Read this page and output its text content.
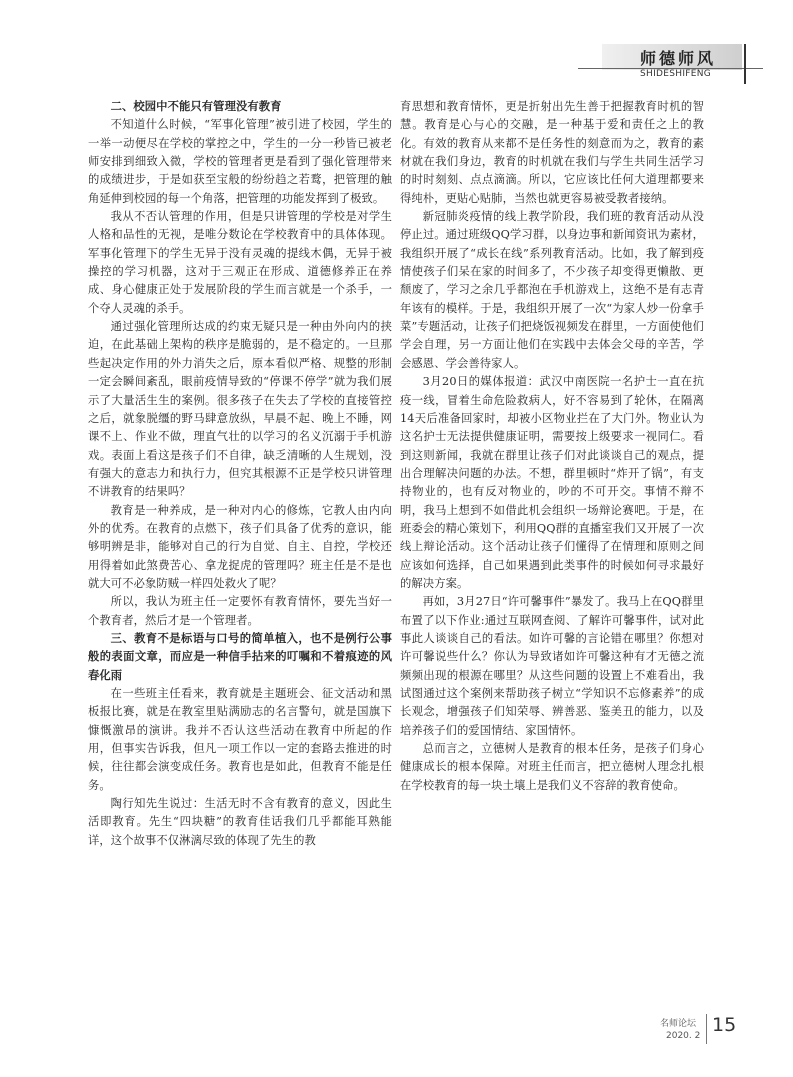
师德师风
SHIDESHIFENG
二、校园中不能只有管理没有教育

不知道什么时候，“军事化管理”被引进了校园，学生的一举一动便尽在学校的掌控之中，学生的一分一秒皆已被老师安排到细致入微，学校的管理者更是看到了强化管理带来的成绩进步，于是如获至宝般的纷纷趋之若鹜，把管理的触角延伸到校园的每一个角落，把管理的功能发挥到了极致。

我从不否认管理的作用，但是只讲管理的学校是对学生人格和品性的无视，是唯分数论在学校教育中的具体体现。军事化管理下的学生无异于没有灵魂的提线木偶，无异于被操控的学习机器，这对于三观正在形成、道德修养正在养成、身心健康正处于发展阶段的学生而言就是一个杀手，一个夺人灵魂的杀手。

通过强化管理所达成的约束无疑只是一种由外向内的挟迫，在此基础上架构的秩序是脆弱的，是不稳定的。一旦那些起决定作用的外力消失之后，原本看似严格、规整的形制一定会瞬间紊乱，眼前疫情导致的“停课不停学”就为我们展示了大量活生生的案例。很多孩子在失去了学校的直接管控之后，就象脱缰的野马肆意放纵，早晨不起、晚上不睡，网课不上、作业不做，理直气壮的以学习的名义沉溺于手机游戏。表面上看这是孩子们不自律，缺乏清晰的人生规划，没有强大的意志力和执行力，但究其根源不正是学校只讲管理不讲教育的结果吗？

教育是一种养成，是一种对内心的修炼，它教人由内向外的优秀。在教育的点燃下，孩子们具备了优秀的意识，能够明辨是非，能够对自己的行为自觉、自主、自控，学校还用得着如此煞费苦心、拿龙捉虎的管理吗？班主任是不是也就大可不必象防贼一样四处救火了呢？

所以，我认为班主任一定要怀有教育情怀，要先当好一个教育者，然后才是一个管理者。

三、教育不是标语与口号的简单植入，也不是例行公事般的表面文章，而应是一种信手拈来的叮嘱和不着痕迹的风春化雨

在一些班主任看来，教育就是主题班会、征文活动和黑板报比赛，就是在教室里贴满励志的名言警句，就是国旗下慷慨激昂的演讲。我并不否认这些活动在教育中所起的作用，但事实告诉我，但凡一项工作以一定的套路去推进的时候，往往都会演变成任务。教育也是如此，但教育不能是任务。

陶行知先生说过：生活无时不含有教育的意义，因此生活即教育。先生“四块糖”的教育佳话我们几乎都能耳熟能详，这个故事不仅淋漓尽致的体现了先生的教

育思想和教育情怀，更是折射出先生善于把握教育时机的智慧。教育是心与心的交融，是一种基于爱和责任之上的教化。有效的教育从来都不是任务性的刻意而为之，教育的素材就在我们身边，教育的时机就在我们与学生共同生活学习的时时刻刻、点点滴滴。所以，它应该比任何大道理都要来得纯朴，更贴心贴肺，当然也就更容易被受教者接纳。

新冠肺炎疫情的线上教学阶段，我们班的教育活动从没停止过。通过班级QQ学习群，以身边事和新闻资讯为素材，我组织开展了“成长在线”系列教育活动。比如，我了解到疫情使孩子们呆在家的时间多了，不少孩子却变得更懒散、更颓废了，学习之余几乎都泡在手机游戏上，这绝不是有志青年该有的模样。于是，我组织开展了一次“为家人炒一份拿手菜”专题活动，让孩子们把烧饭视频发在群里，一方面使他们学会自理，另一方面让他们在实践中去体会父母的辛苦，学会感恩、学会善待家人。

3月20日的媒体报道：武汉中南医院一名护士一直在抗疫一线，冒着生命危险救病人，好不容易到了轮休，在隔离14天后准备回家时，却被小区物业拦在了大门外。物业认为这名护士无法提供健康证明，需要按上级要求一视同仁。看到这则新闻，我就在群里让孩子们对此谈谈自己的观点，提出合理解决问题的办法。不想，群里顿时“炸开了锅”，有支持物业的，也有反对物业的，吵的不可开交。事情不辩不明，我马上想到不如借此机会组织一场辩论赛吧。于是，在班委会的精心策划下，利用QQ群的直播室我们又开展了一次线上辩论活动。这个活动让孩子们懂得了在情理和原则之间应该如何选择，自己如果遇到此类事件的时候如何寻求最好的解决方案。

再如，3月27日“许可馨事件”暴发了。我马上在QQ群里布置了以下作业:通过互联网查阅、了解许可馨事件，试对此事此人谈谈自己的看法。如许可馨的言论错在哪里？你想对许可馨说些什么？你认为导致诸如许可馨这种有才无德之流频频出现的根源在哪里？从这些问题的设置上不难看出，我试图通过这个案例来帮助孩子树立“学知识不忘修素养”的成长观念，增强孩子们知荣辱、辨善恶、鉴美丑的能力，以及培养孩子们的爱国情结、家国情怀。

总而言之，立德树人是教育的根本任务，是孩子们身心健康成长的根本保障。对班主任而言，把立德树人理念扎根在学校教育的每一块土壤上是我们义不容辞的教育使命。

名师论坛
2020. 2 15
